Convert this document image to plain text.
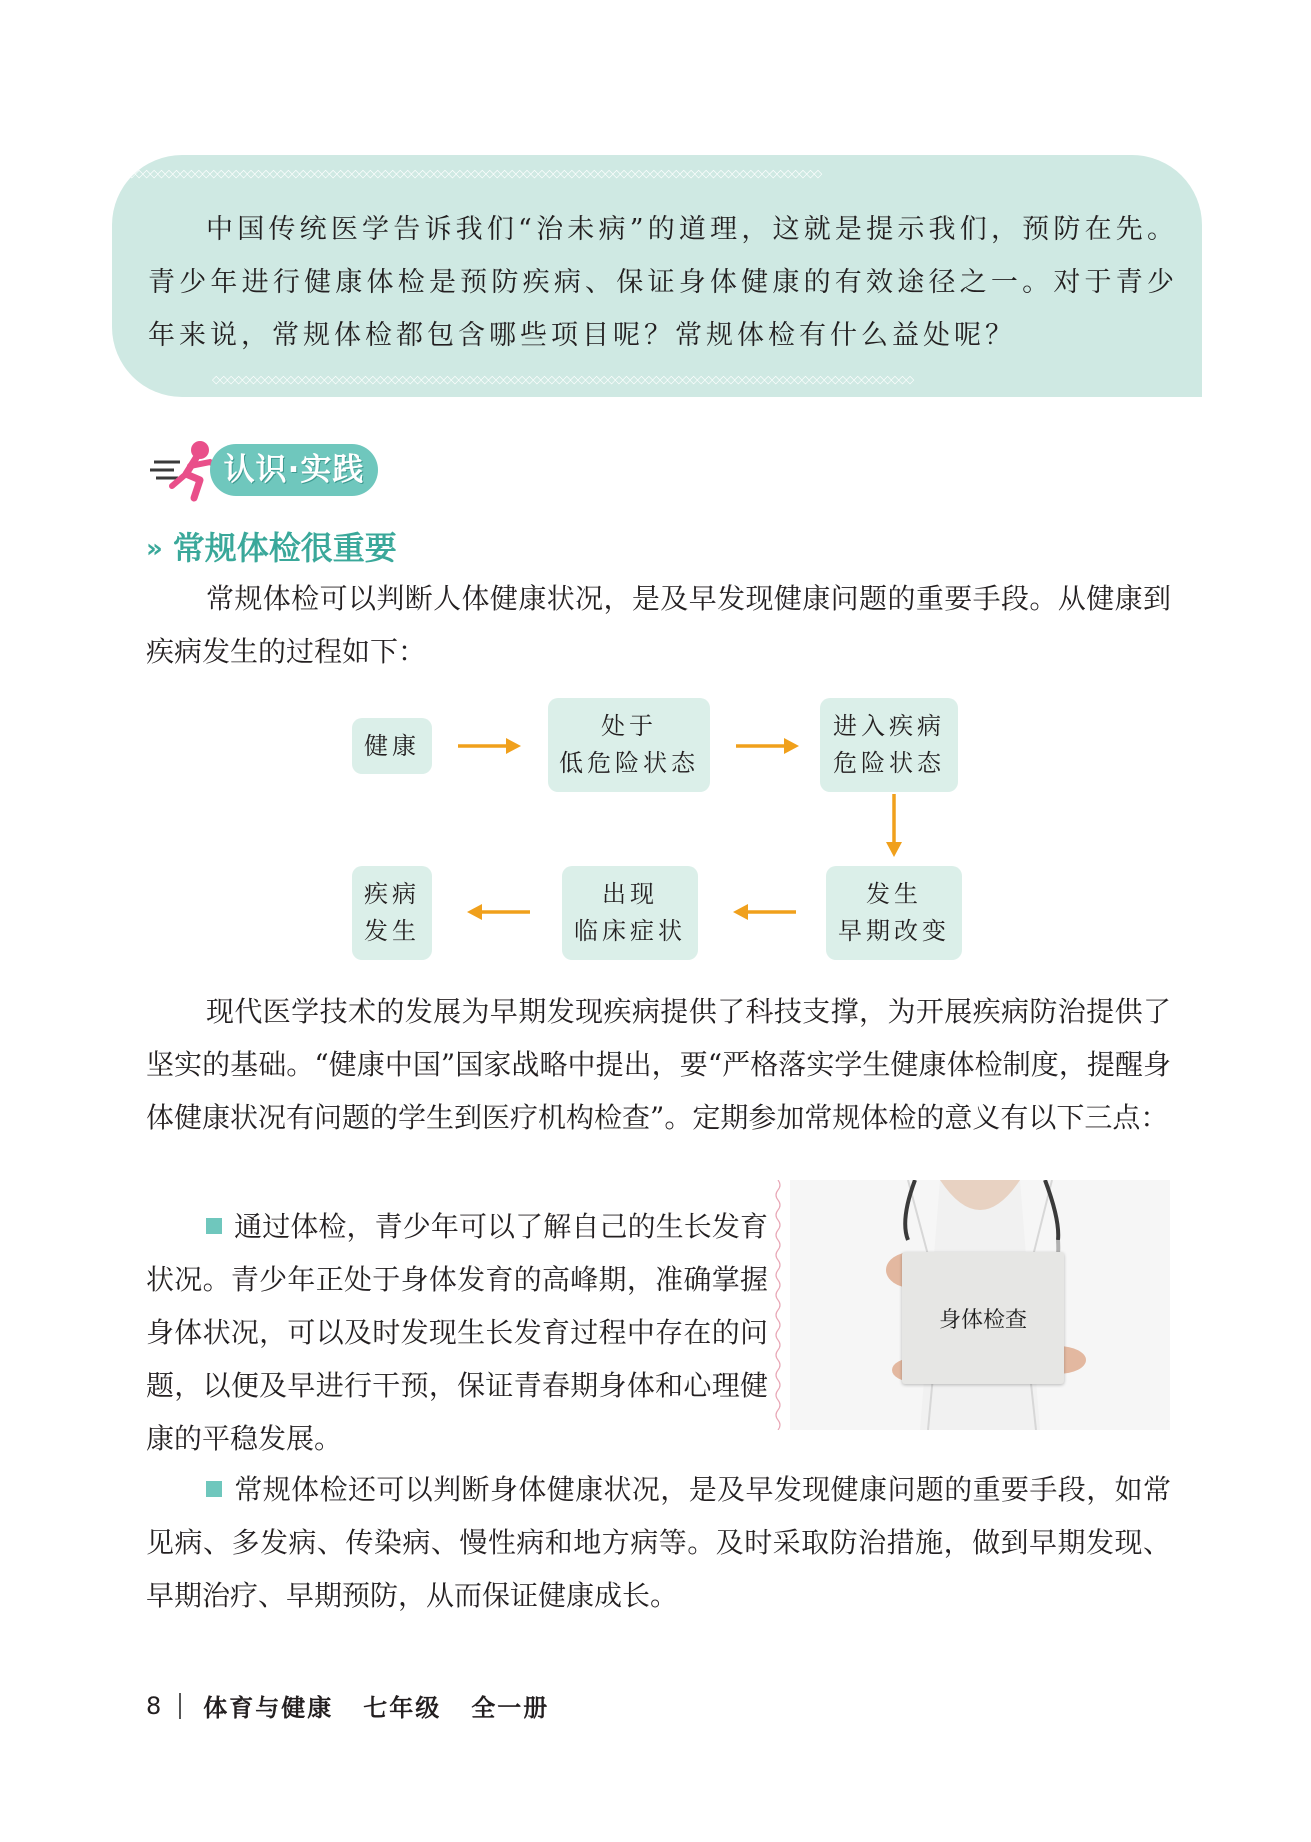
◇◇◇◇◇◇◇◇◇◇◇◇◇◇◇◇◇◇◇◇◇◇◇◇◇◇◇◇◇◇◇◇◇◇◇◇◇◇◇◇◇◇◇◇◇◇◇◇◇◇◇◇◇◇◇◇◇◇◇◇◇◇◇◇◇◇◇◇◇◇◇◇◇◇◇◇◇◇◇◇◇◇◇◇◇◇◇◇◇◇◇◇◇◇
中国传统医学告诉我们“治未病”的道理，这就是提示我们，预防在先。青少年进行健康体检是预防疾病、保证身体健康的有效途径之一。对于青少年来说，常规体检都包含哪些项目呢？常规体检有什么益处呢？
◇◇◇◇◇◇◇◇◇◇◇◇◇◇◇◇◇◇◇◇◇◇◇◇◇◇◇◇◇◇◇◇◇◇◇◇◇◇◇◇◇◇◇◇◇◇◇◇◇◇◇◇◇◇◇◇◇◇◇◇◇◇◇◇◇◇◇◇◇◇◇◇◇◇◇◇◇◇◇◇◇◇◇◇◇◇◇◇◇◇◇◇◇◇
认识·实践
» 常规体检很重要
常规体检可以判断人体健康状况，是及早发现健康问题的重要手段。从健康到疾病发生的过程如下：
健康
处于
低危险状态
进入疾病
危险状态
发生
早期改变
出现
临床症状
疾病
发生
现代医学技术的发展为早期发现疾病提供了科技支撑，为开展疾病防治提供了坚实的基础。“健康中国”国家战略中提出，要“严格落实学生健康体检制度，提醒身体健康状况有问题的学生到医疗机构检查”。定期参加常规体检的意义有以下三点：
通过体检，青少年可以了解自己的生长发育状况。青少年正处于身体发育的高峰期，准确掌握身体状况，可以及时发现生长发育过程中存在的问题，以便及早进行干预，保证青春期身体和心理健康的平稳发展。
身体检查
常规体检还可以判断身体健康状况，是及早发现健康问题的重要手段，如常见病、多发病、传染病、慢性病和地方病等。及时采取防治措施，做到早期发现、早期治疗、早期预防，从而保证健康成长。
8 体育与健康 七年级 全一册
